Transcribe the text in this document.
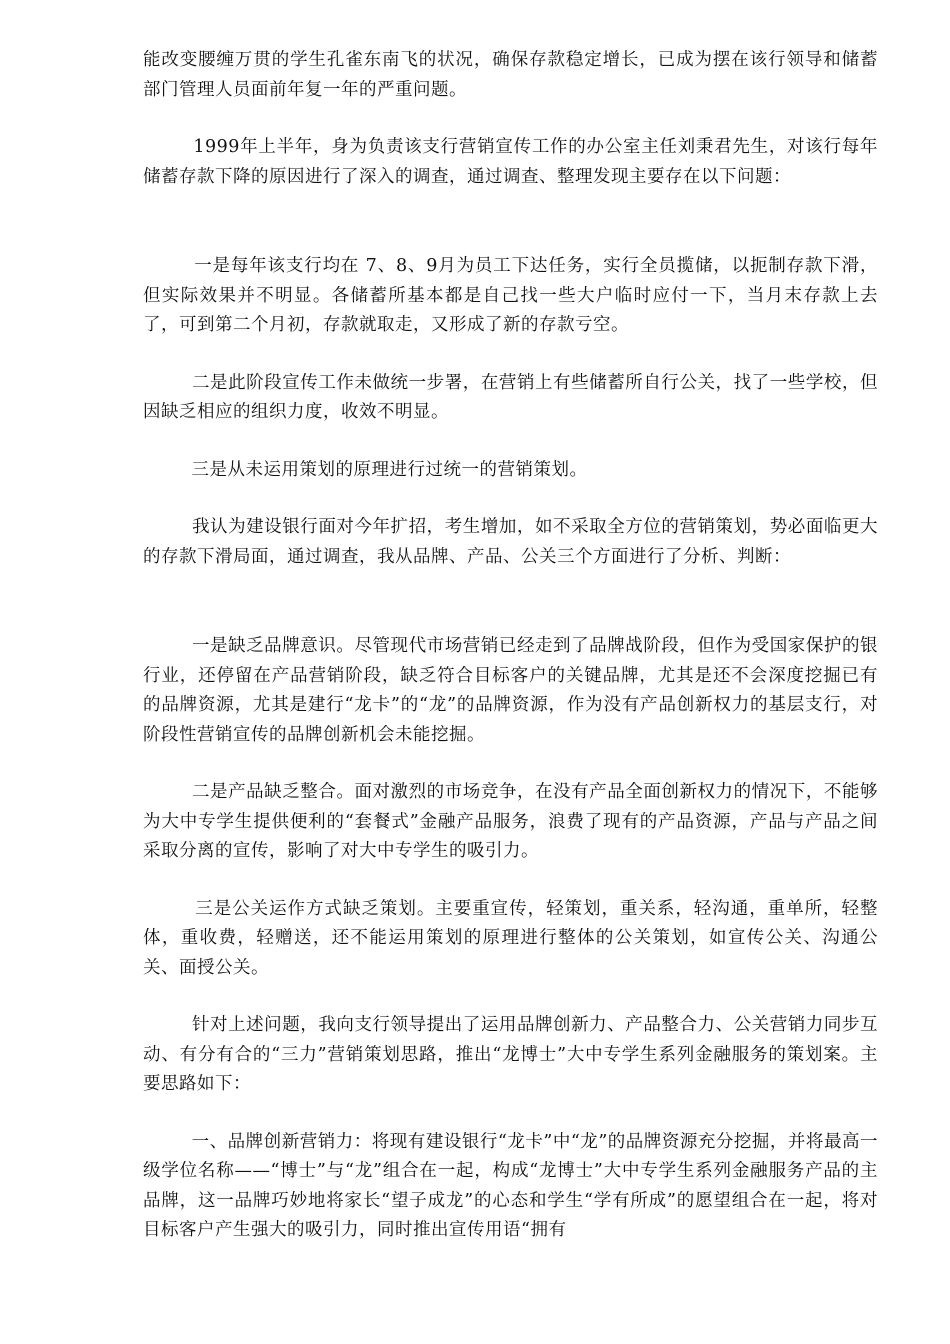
能改变腰缠万贯的学生孔雀东南飞的状况，确保存款稳定增长，已成为摆在该行领导和储蓄部门管理人员面前年复一年的严重问题。

1999年上半年，身为负责该支行营销宣传工作的办公室主任刘秉君先生，对该行每年储蓄存款下降的原因进行了深入的调查，通过调查、整理发现主要存在以下问题：

一是每年该支行均在 7、8、9月为员工下达任务，实行全员揽储，以扼制存款下滑，但实际效果并不明显。各储蓄所基本都是自己找一些大户临时应付一下，当月末存款上去了，可到第二个月初，存款就取走，又形成了新的存款亏空。

二是此阶段宣传工作未做统一步署，在营销上有些储蓄所自行公关，找了一些学校，但因缺乏相应的组织力度，收效不明显。

三是从未运用策划的原理进行过统一的营销策划。

我认为建设银行面对今年扩招，考生增加，如不采取全方位的营销策划，势必面临更大的存款下滑局面，通过调查，我从品牌、产品、公关三个方面进行了分析、判断：

一是缺乏品牌意识。尽管现代市场营销已经走到了品牌战阶段，但作为受国家保护的银行业，还停留在产品营销阶段，缺乏符合目标客户的关键品牌，尤其是还不会深度挖掘已有的品牌资源，尤其是建行“龙卡”的“龙”的品牌资源，作为没有产品创新权力的基层支行，对阶段性营销宣传的品牌创新机会未能挖掘。

二是产品缺乏整合。面对激烈的市场竞争，在没有产品全面创新权力的情况下，不能够为大中专学生提供便利的“套餐式”金融产品服务，浪费了现有的产品资源，产品与产品之间采取分离的宣传，影响了对大中专学生的吸引力。

三是公关运作方式缺乏策划。主要重宣传，轻策划，重关系，轻沟通，重单所，轻整体，重收费，轻赠送，还不能运用策划的原理进行整体的公关策划，如宣传公关、沟通公关、面授公关。

针对上述问题，我向支行领导提出了运用品牌创新力、产品整合力、公关营销力同步互动、有分有合的“三力”营销策划思路，推出“龙博士”大中专学生系列金融服务的策划案。主要思路如下：

一、品牌创新营销力：将现有建设银行“龙卡”中“龙”的品牌资源充分挖掘，并将最高一级学位名称——“博士”与“龙”组合在一起，构成“龙博士”大中专学生系列金融服务产品的主品牌，这一品牌巧妙地将家长“望子成龙”的心态和学生“学有所成”的愿望组合在一起，将对目标客户产生强大的吸引力，同时推出宣传用语“拥有
